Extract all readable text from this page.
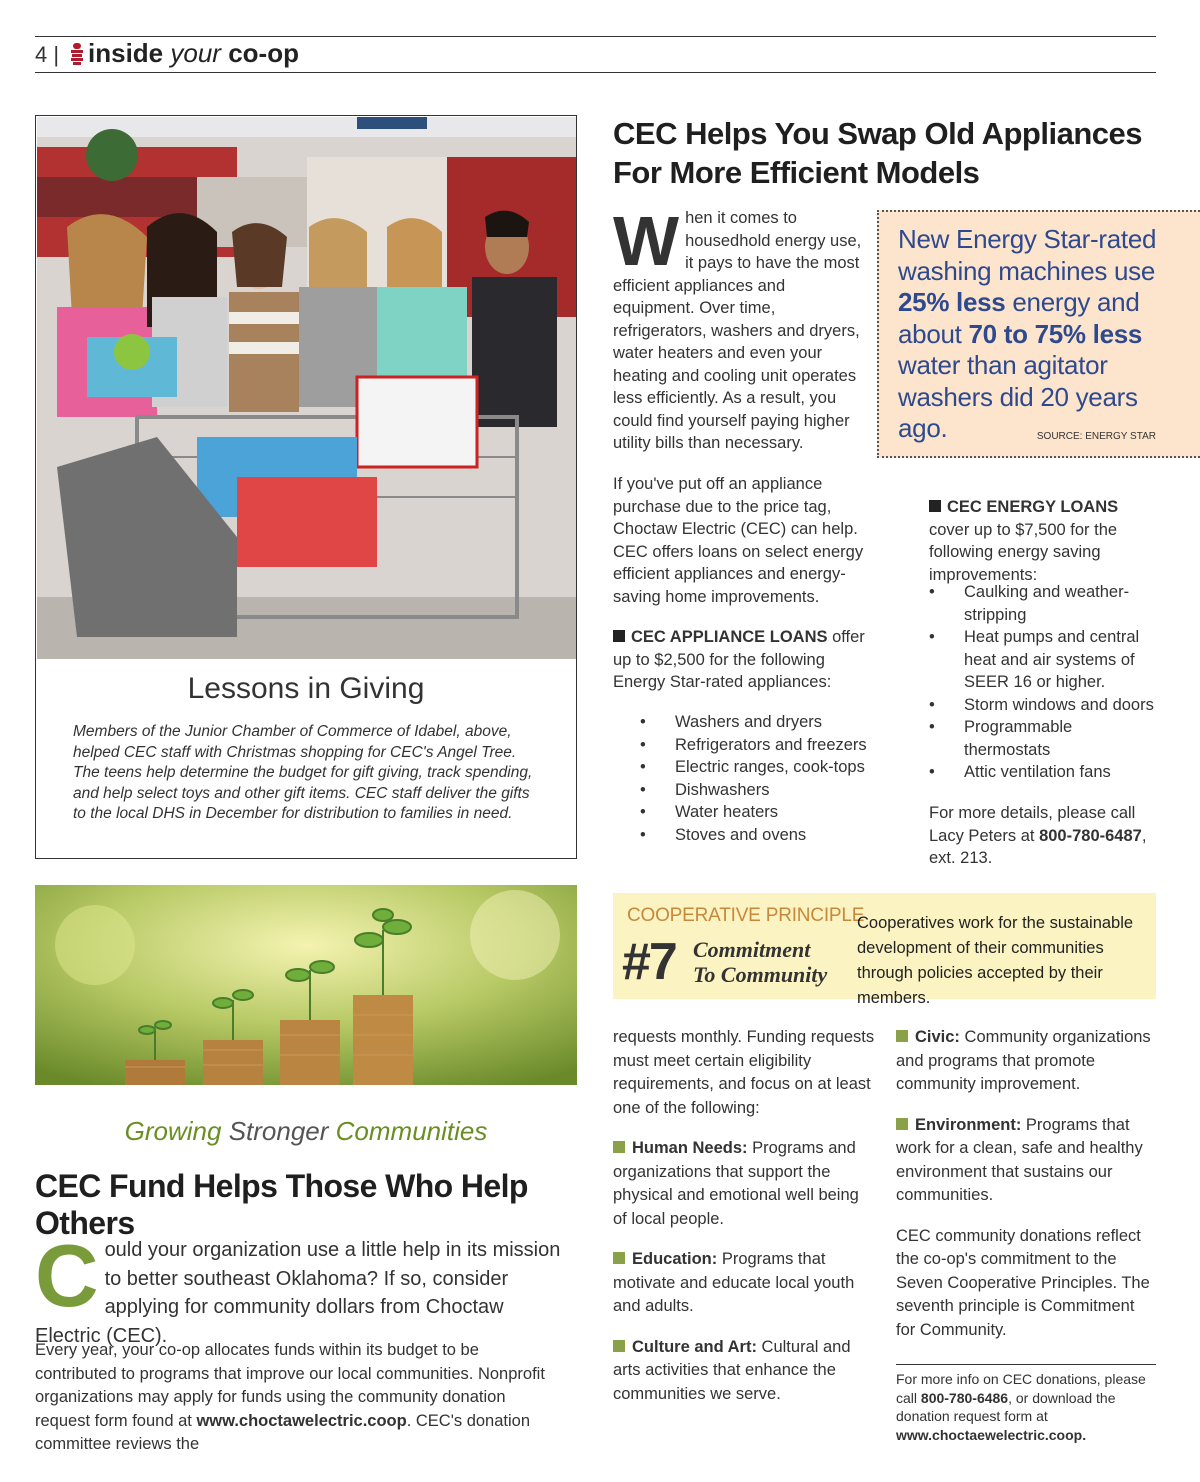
4 | inside your co-op
Lessons in Giving
Members of the Junior Chamber of Commerce of Idabel, above, helped CEC staff with Christmas shopping for CEC's Angel Tree. The teens help determine the budget for gift giving, track spending, and help select toys and other gift items. CEC staff deliver the gifts to the local DHS in December for distribution to families in need.
CEC Helps You Swap Old Appliances
For More Efficient Models
When it comes to housedhold energy use, it pays to have the most efficient appliances and equipment. Over time, refrigerators, washers and dryers, water heaters and even your heating and cooling unit operates less efficiently. As a result, you could find yourself paying higher utility bills than necessary.
If you've put off an appliance purchase due to the price tag, Choctaw Electric (CEC) can help. CEC offers loans on select energy efficient appliances and energy-saving home improvements.
CEC APPLIANCE LOANS offer up to $2,500 for the following Energy Star-rated appliances:
• Washers and dryers
• Refrigerators and freezers
• Electric ranges, cook-tops
• Dishwashers
• Water heaters
• Stoves and ovens
New Energy Star-rated washing machines use 25% less energy and about 70 to 75% less water than agitator washers did 20 years ago.	SOURCE: ENERGY STAR
CEC ENERGY LOANS cover up to $7,500 for the following energy saving improvements:
• Caulking and weather-stripping
• Heat pumps and central heat and air systems of SEER 16 or higher.
• Storm windows and doors
• Programmable thermostats
• Attic ventilation fans
For more details, please call Lacy Peters at 800-780-6487, ext. 213.
Growing Stronger Communities
CEC Fund Helps Those Who Help Others
Could your organization use a little help in its mission to better southeast Oklahoma? If so, consider applying for community dollars from Choctaw Electric (CEC).
Every year, your co-op allocates funds within its budget to be contributed to programs that improve our local communities. Nonprofit organizations may apply for funds using the community donation request form found at www.choctawelectric.coop. CEC's donation committee reviews the
COOPERATIVE PRINCIPLE
#7 Commitment
To Community
Cooperatives work for the sustainable development of their communities through policies accepted by their members.

requests monthly. Funding requests must meet certain eligibility requirements, and focus on at least one of the following:

Human Needs: Programs and organizations that support the physical and emotional well being of local people.

Education: Programs that motivate and educate local youth and adults.

Culture and Art: Cultural and arts activities that enhance the communities we serve.

Civic: Community organizations and programs that promote community improvement.

Environment: Programs that work for a clean, safe and healthy environment that sustains our communities.

CEC community donations reflect the co-op's commitment to the Seven Cooperative Principles. The seventh principle is Commitment for Community.

For more info on CEC donations, please call 800-780-6486, or download the donation request form at www.choctaewelectric.coop.
